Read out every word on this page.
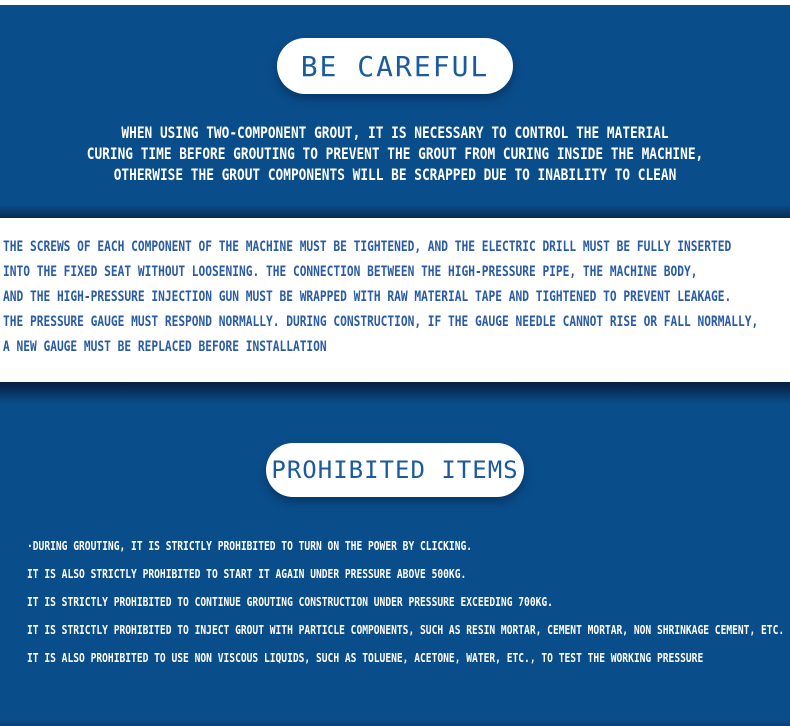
BE CAREFUL
WHEN USING TWO-COMPONENT GROUT, IT IS NECESSARY TO CONTROL THE MATERIAL
CURING TIME BEFORE GROUTING TO PREVENT THE GROUT FROM CURING INSIDE THE MACHINE,
OTHERWISE THE GROUT COMPONENTS WILL BE SCRAPPED DUE TO INABILITY TO CLEAN
THE SCREWS OF EACH COMPONENT OF THE MACHINE MUST BE TIGHTENED, AND THE ELECTRIC DRILL MUST BE FULLY INSERTED
INTO THE FIXED SEAT WITHOUT LOOSENING. THE CONNECTION BETWEEN THE HIGH-PRESSURE PIPE, THE MACHINE BODY,
AND THE HIGH-PRESSURE INJECTION GUN MUST BE WRAPPED WITH RAW MATERIAL TAPE AND TIGHTENED TO PREVENT LEAKAGE.
THE PRESSURE GAUGE MUST RESPOND NORMALLY. DURING CONSTRUCTION, IF THE GAUGE NEEDLE CANNOT RISE OR FALL NORMALLY,
A NEW GAUGE MUST BE REPLACED BEFORE INSTALLATION
PROHIBITED ITEMS
·DURING GROUTING, IT IS STRICTLY PROHIBITED TO TURN ON THE POWER BY CLICKING.
IT IS ALSO STRICTLY PROHIBITED TO START IT AGAIN UNDER PRESSURE ABOVE 500KG.
IT IS STRICTLY PROHIBITED TO CONTINUE GROUTING CONSTRUCTION UNDER PRESSURE EXCEEDING 700KG.
IT IS STRICTLY PROHIBITED TO INJECT GROUT WITH PARTICLE COMPONENTS, SUCH AS RESIN MORTAR, CEMENT MORTAR, NON SHRINKAGE CEMENT, ETC.
IT IS ALSO PROHIBITED TO USE NON VISCOUS LIQUIDS, SUCH AS TOLUENE, ACETONE, WATER, ETC., TO TEST THE WORKING PRESSURE
